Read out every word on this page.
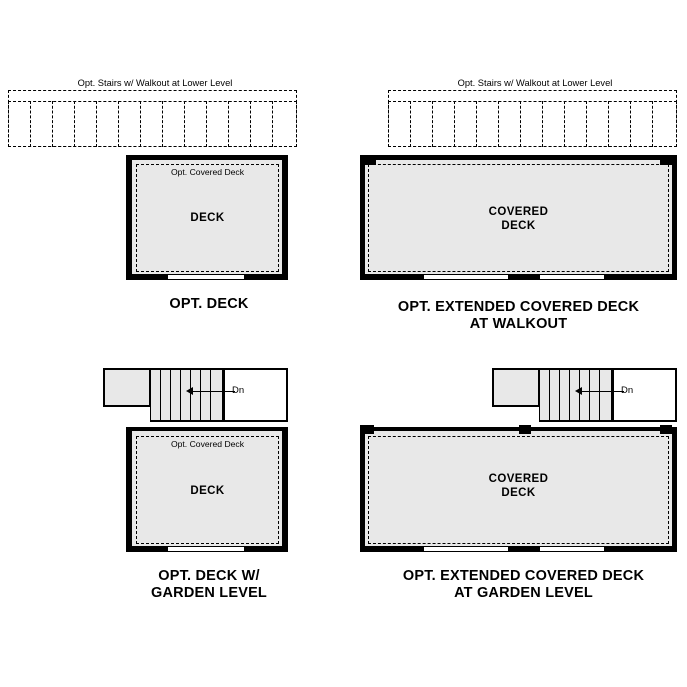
Opt. Stairs w/ Walkout at Lower Level
Opt. Covered Deck
DECK
OPT. DECK
Opt. Stairs w/ Walkout at Lower Level
COVERED
DECK
OPT. EXTENDED COVERED DECK
AT WALKOUT
Dn
Opt. Covered Deck
DECK
OPT. DECK W/
GARDEN LEVEL
Dn
COVERED
DECK
OPT. EXTENDED COVERED DECK
AT GARDEN LEVEL
